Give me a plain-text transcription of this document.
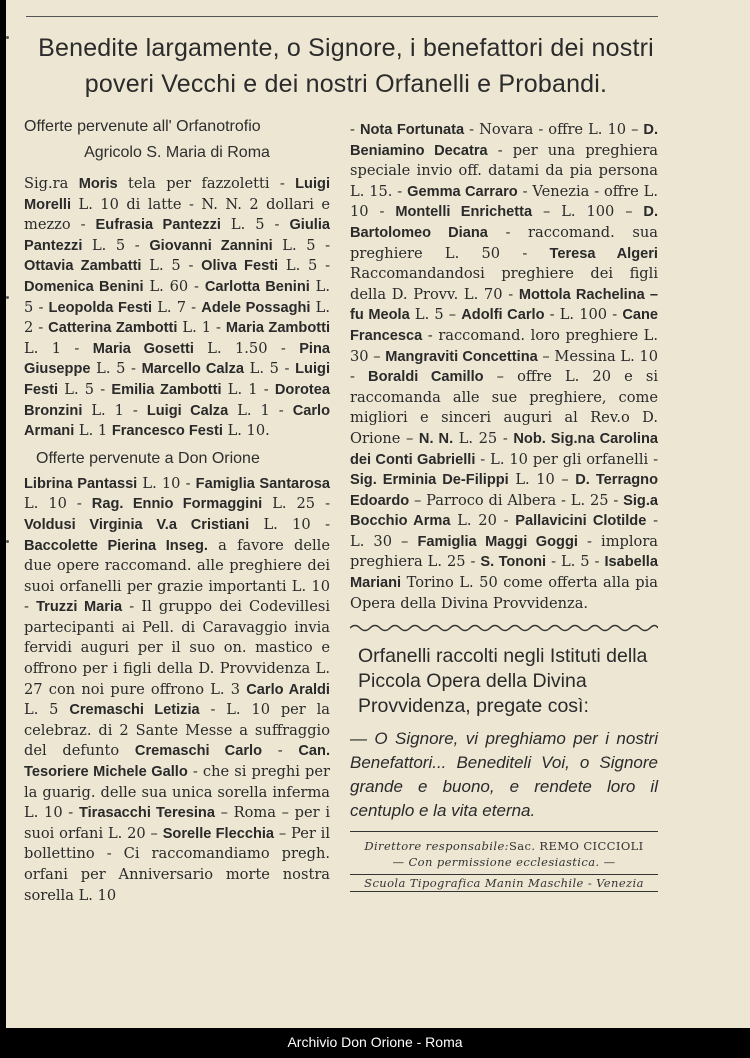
Benedite largamente, o Signore, i benefattori dei nostri
poveri Vecchi e dei nostri Orfanelli e Probandi.

Offerte pervenute all' Orfanotrofio

Agricolo S. Maria di Roma

Sig.ra Moris tela per fazzoletti - Luigi Morelli L. 10 di latte - N. N. 2 dollari e mezzo - Eufrasia Pantezzi L. 5 - Giulia Pantezzi L. 5 - Giovanni Zannini L. 5 - Ottavia Zambatti L. 5 - Oliva Festi L. 5 - Domenica Benini L. 60 - Carlotta Benini L. 5 - Leopolda Festi L. 7 - Adele Possaghi L. 2 - Catterina Zambotti L. 1 - Maria Zambotti L. 1 - Maria Gosetti L. 1.50 - Pina Giuseppe L. 5 - Marcello Calza L. 5 - Luigi Festi L. 5 - Emilia Zambotti L. 1 - Dorotea Bronzini L. 1 - Luigi Calza L. 1 - Carlo Armani L. 1 Francesco Festi L. 10.

Offerte pervenute a Don Orione

Librina Pantassi L. 10 - Famiglia Santarosa L. 10 - Rag. Ennio Formaggini L. 25 - Voldusi Virginia V.a Cristiani L. 10 - Baccolette Pierina Inseg. a favore delle due opere raccomand. alle preghiere dei suoi orfanelli per grazie importanti L. 10 - Truzzi Maria - Il gruppo dei Codevillesi partecipanti ai Pell. di Caravaggio invia fervidi auguri per il suo on. mastico e offrono per i figli della D. Provvidenza L. 27 con noi pure offrono L. 3 Carlo Araldi L. 5 Cremaschi Letizia - L. 10 per la celebraz. di 2 Sante Messe a suffraggio del defunto Cremaschi Carlo - Can. Tesoriere Michele Gallo - che si preghi per la guarig. delle sua unica sorella inferma L. 10 - Tirasacchi Teresina – Roma – per i suoi orfani L. 20 – Sorelle Flecchia – Per il bollettino - Ci raccomandiamo pregh. orfani per Anniversario morte nostra sorella L. 10

- Nota Fortunata - Novara - offre L. 10 – D. Beniamino Decatra - per una preghiera speciale invio off. datami da pia persona L. 15. - Gemma Carraro - Venezia - offre L. 10 - Montelli Enrichetta – L. 100 – D. Bartolomeo Diana - raccomand. sua preghiere L. 50 - Teresa Algeri Raccomandandosi preghiere dei figli della D. Provv. L. 70 - Mottola Rachelina – fu Meola L. 5 – Adolfi Carlo - L. 100 - Cane Francesca - raccomand. loro preghiere L. 30 – Mangraviti Concettina – Messina L. 10 - Boraldi Camillo – offre L. 20 e si raccomanda alle sue preghiere, come migliori e sinceri auguri al Rev.o D. Orione – N. N. L. 25 - Nob. Sig.na Carolina dei Conti Gabrielli - L. 10 per gli orfanelli - Sig. Erminia De-Filippi L. 10 – D. Terragno Edoardo – Parroco di Albera - L. 25 - Sig.a Bocchio Arma L. 20 - Pallavicini Clotilde - L. 30 – Famiglia Maggi Goggi - implora preghiera L. 25 - S. Tononi - L. 5 - Isabella Mariani Torino L. 50 come offerta alla pia Opera della Divina Provvidenza.

Orfanelli raccolti negli Istituti della Piccola Opera della Divina Provvidenza, pregate così:

— O Signore, vi preghiamo per i nostri Benefattori... Benediteli Voi, o Signore grande e buono, e rendete loro il centuplo e la vita eterna.

Direttore responsabile:Sac. REMO CICCIOLI

— Con permissione ecclesiastica. —

Scuola Tipografica Manin Maschile - Venezia
Archivio Don Orione - Roma
